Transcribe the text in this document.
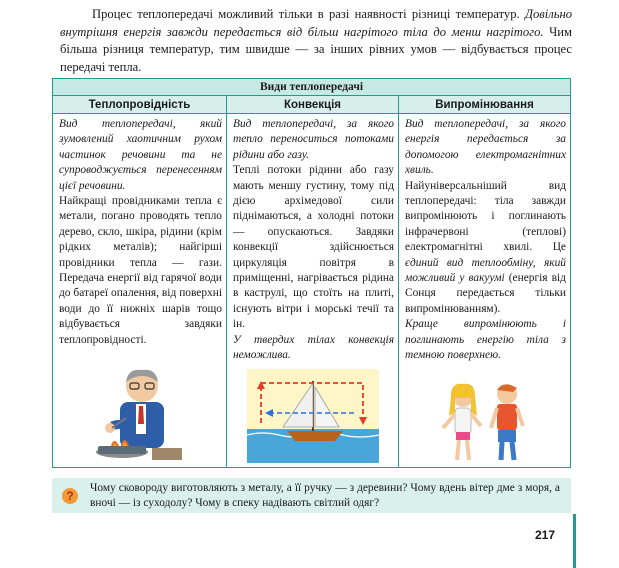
Процес теплопередачі можливий тільки в разі наявності різниці температур. Довільно внутрішня енергія завжди передається від більш нагрітого тіла до менш нагрітого. Чим більша різниця температур, тим швидше — за інших рівних умов — відбувається процес передачі тепла.
Види теплопередачі
Теплопровідність	Конвекція	Випромінювання
Вид теплопередачі, який зумовлений хаотичним рухом частинок речовини та не супроводжується перенесенням цієї речовини.
Найкращі провідниками тепла є метали, погано проводять тепло дерево, скло, шкіра, рідини (крім рідких металів); найгірші провідники тепла — гази. Передача енергії від гарячої води до батареї опалення, від поверхні води до її нижніх шарів тощо відбувається завдяки теплопровідності.
Вид теплопередачі, за якого тепло переноситься потоками рідини або газу.
Теплі потоки рідини або газу мають меншу густину, тому під дією архімедової сили піднімаються, а холодні потоки — опускаються. Завдяки конвекції здійснюється циркуляція повітря в приміщенні, нагрівається рідина в каструлі, що стоїть на плиті, існують вітри і морські течії та ін.
У твердих тілах конвекція неможлива.
Вид теплопередачі, за якого енергія передається за допомогою електромагнітних хвиль.
Найуніверсальніший вид теплопередачі: тіла завжди випромінюють і поглинають інфрачервоні (теплові) електромагнітні хвилі. Це єдиний вид теплообміну, який можливий у вакуумі (енергія від Сонця передається тільки випромінюванням).
Краще випромінюють і поглинають енергію тіла з темною поверхнею.
?
Чому сковороду виготовляють з металу, а її ручку — з деревини? Чому вдень вітер дме з моря, а вночі — із суходолу? Чому в спеку надівають світлий одяг?
217
